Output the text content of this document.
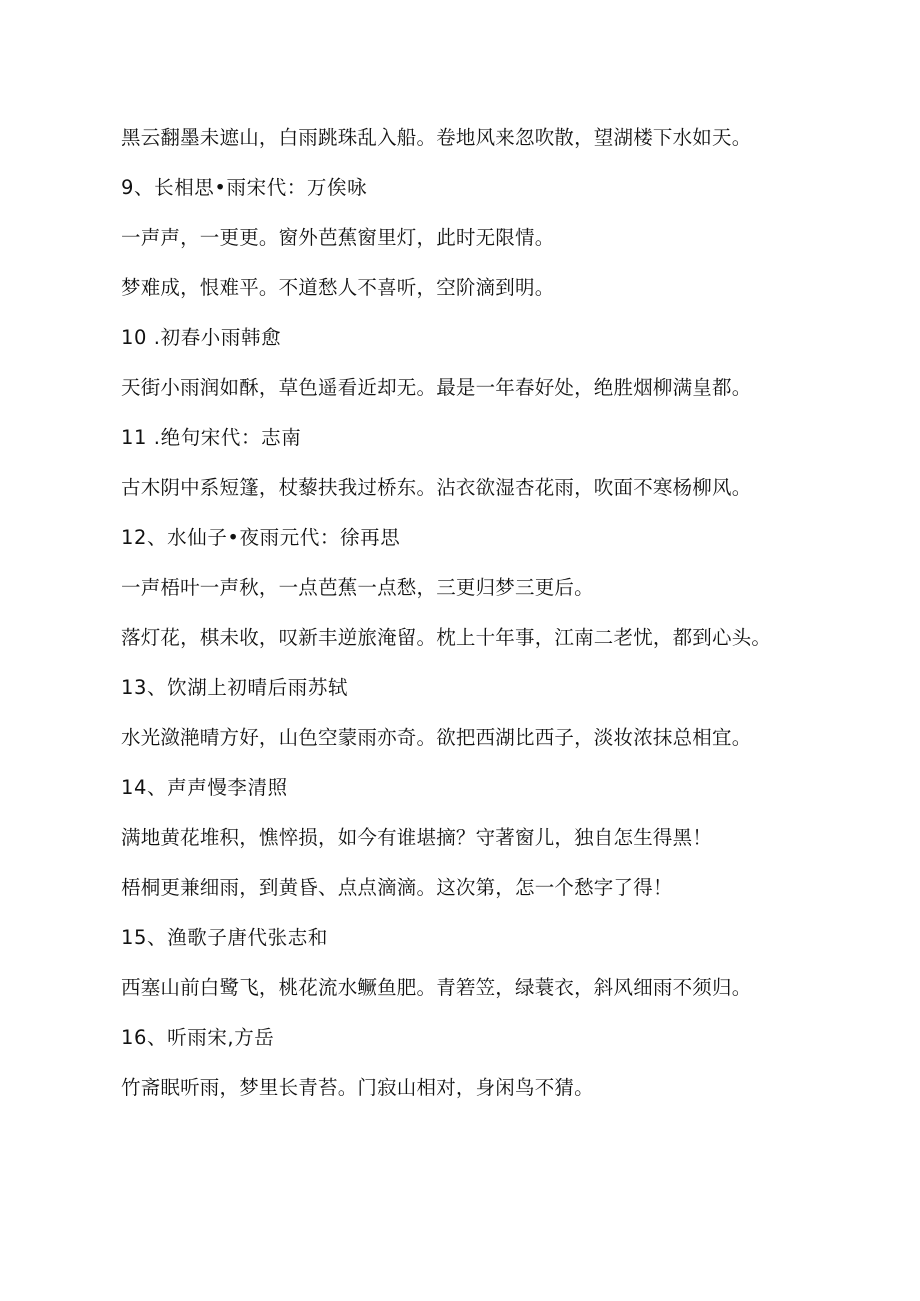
黑云翻墨未遮山，白雨跳珠乱入船。卷地风来忽吹散，望湖楼下水如天。
9、长相思•雨宋代：万俟咏
一声声，一更更。窗外芭蕉窗里灯，此时无限情。
梦难成，恨难平。不道愁人不喜听，空阶滴到明。
10 .初春小雨韩愈
天街小雨润如酥，草色遥看近却无。最是一年春好处，绝胜烟柳满皇都。
11 .绝句宋代：志南
古木阴中系短篷，杖藜扶我过桥东。沾衣欲湿杏花雨，吹面不寒杨柳风。
12、水仙子•夜雨元代：徐再思
一声梧叶一声秋，一点芭蕉一点愁，三更归梦三更后。
落灯花，棋未收，叹新丰逆旅淹留。枕上十年事，江南二老忧，都到心头。
13、饮湖上初晴后雨苏轼
水光潋滟晴方好，山色空蒙雨亦奇。欲把西湖比西子，淡妆浓抹总相宜。
14、声声慢李清照
满地黄花堆积，憔悴损，如今有谁堪摘？守著窗儿，独自怎生得黑！
梧桐更兼细雨，到黄昏、点点滴滴。这次第，怎一个愁字了得！
15、渔歌子唐代张志和
西塞山前白鹭飞，桃花流水鳜鱼肥。青箬笠，绿蓑衣，斜风细雨不须归。
16、听雨宋,方岳
竹斋眠听雨，梦里长青苔。门寂山相对，身闲鸟不猜。
